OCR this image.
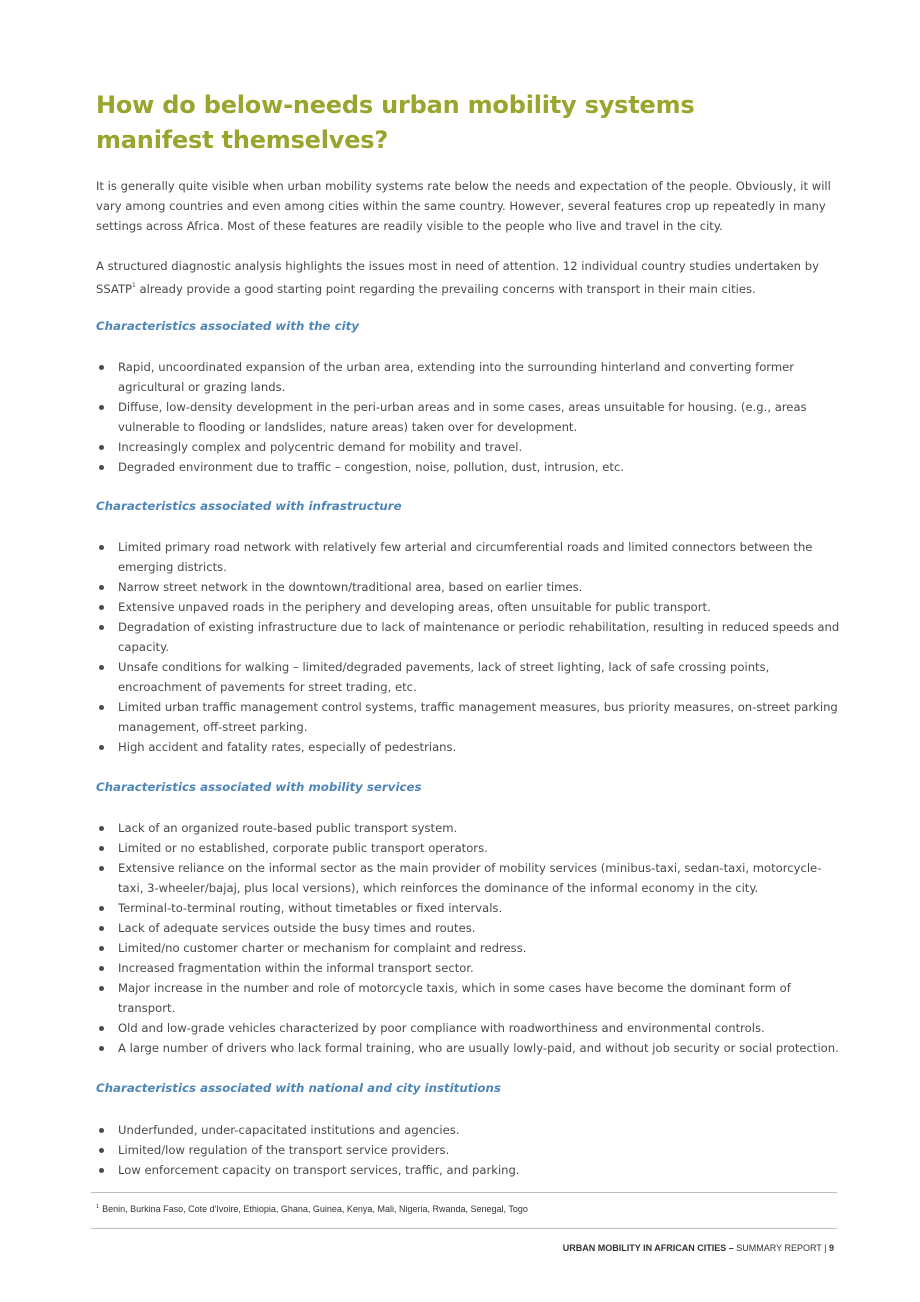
How do below-needs urban mobility systems manifest themselves?

It is generally quite visible when urban mobility systems rate below the needs and expectation of the people. Obviously, it will vary among countries and even among cities within the same country. However, several features crop up repeatedly in many settings across Africa. Most of these features are readily visible to the people who live and travel in the city.

A structured diagnostic analysis highlights the issues most in need of attention. 12 individual country studies undertaken by SSATP$^1$ already provide a good starting point regarding the prevailing concerns with transport in their main cities.

Characteristics associated with the city

Rapid, uncoordinated expansion of the urban area, extending into the surrounding hinterland and converting former agricultural or grazing lands.
Diffuse, low-density development in the peri-urban areas and in some cases, areas unsuitable for housing. (e.g., areas vulnerable to flooding or landslides, nature areas) taken over for development.
Increasingly complex and polycentric demand for mobility and travel.
Degraded environment due to traffic – congestion, noise, pollution, dust, intrusion, etc.

Characteristics associated with infrastructure

Limited primary road network with relatively few arterial and circumferential roads and limited connectors between the emerging districts.
Narrow street network in the downtown/traditional area, based on earlier times.
Extensive unpaved roads in the periphery and developing areas, often unsuitable for public transport.
Degradation of existing infrastructure due to lack of maintenance or periodic rehabilitation, resulting in reduced speeds and capacity.
Unsafe conditions for walking – limited/degraded pavements, lack of street lighting, lack of safe crossing points, encroachment of pavements for street trading, etc.
Limited urban traffic management control systems, traffic management measures, bus priority measures, on-street parking management, off-street parking.
High accident and fatality rates, especially of pedestrians.

Characteristics associated with mobility services

Lack of an organized route-based public transport system.
Limited or no established, corporate public transport operators.
Extensive reliance on the informal sector as the main provider of mobility services (minibus-taxi, sedan-taxi, motorcycle-taxi, 3-wheeler/bajaj, plus local versions), which reinforces the dominance of the informal economy in the city.
Terminal-to-terminal routing, without timetables or fixed intervals.
Lack of adequate services outside the busy times and routes.
Limited/no customer charter or mechanism for complaint and redress.
Increased fragmentation within the informal transport sector.
Major increase in the number and role of motorcycle taxis, which in some cases have become the dominant form of transport.
Old and low-grade vehicles characterized by poor compliance with roadworthiness and environmental controls.
A large number of drivers who lack formal training, who are usually lowly-paid, and without job security or social protection.

Characteristics associated with national and city institutions

Underfunded, under-capacitated institutions and agencies.
Limited/low regulation of the transport service providers.
Low enforcement capacity on transport services, traffic, and parking.
$^1$ Benin, Burkina Faso, Cote d'Ivoire, Ethiopia, Ghana, Guinea, Kenya, Mali, Nigeria, Rwanda, Senegal, Togo
URBAN MOBILITY IN AFRICAN CITIES – SUMMARY REPORT | 9
